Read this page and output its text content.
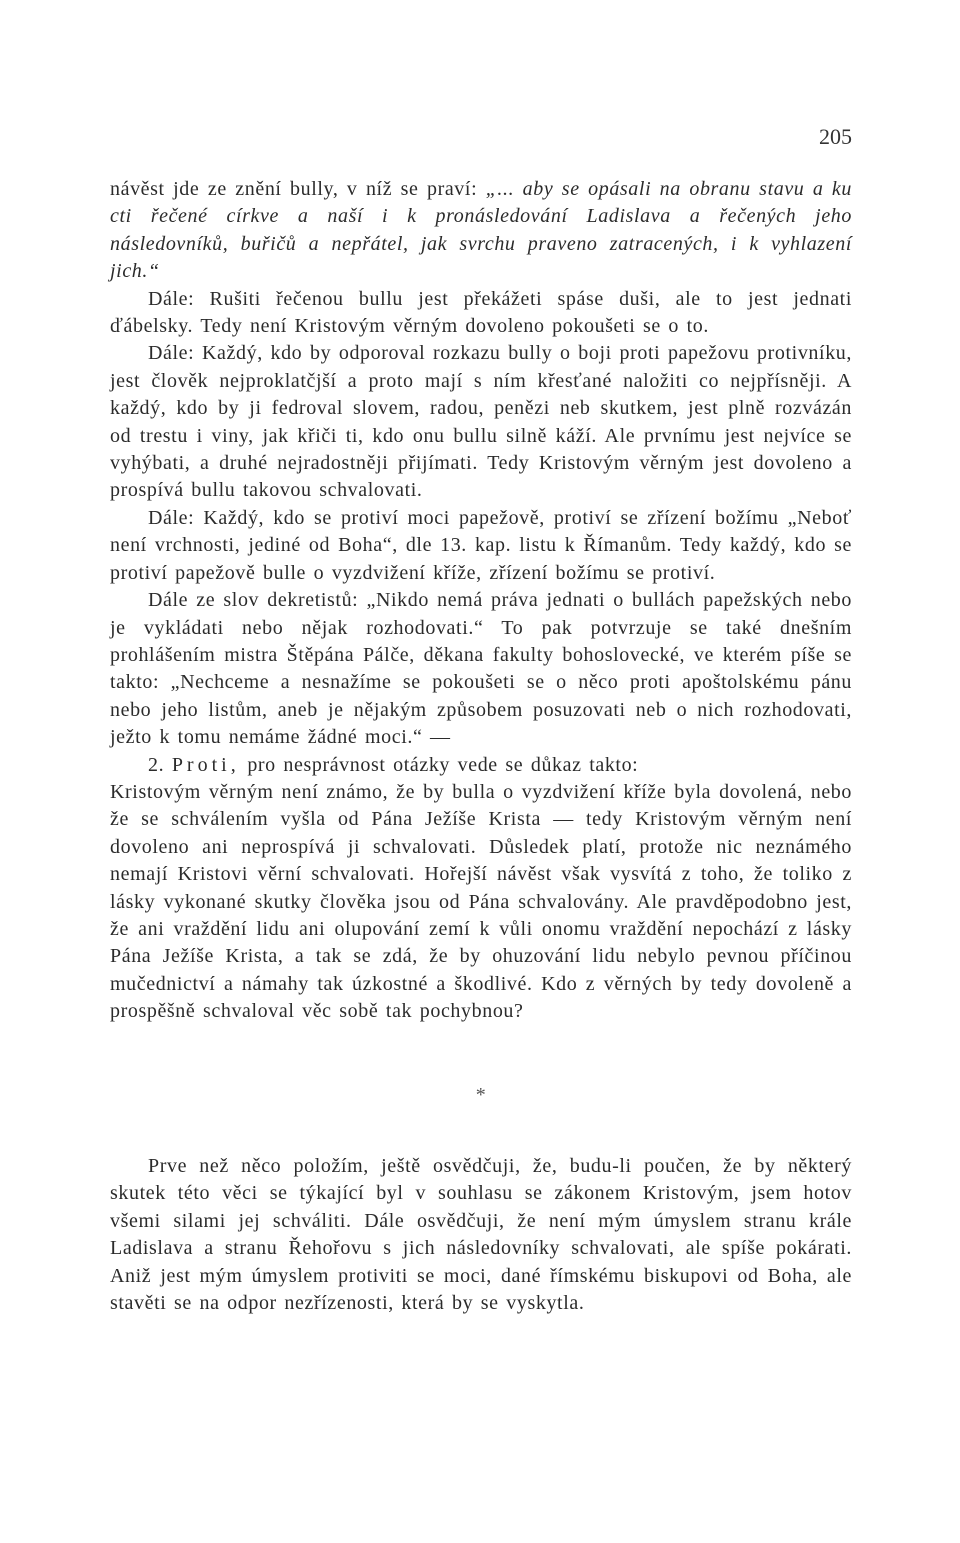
205

návěst jde ze znění bully, v níž se praví: „... aby se opásali na obranu stavu a ku cti řečené církve a naší i k pronásledování Ladislava a řečených jeho následovníků, buřičů a nepřátel, jak svrchu praveno zatracených, i k vyhlazení jich.“

Dále: Rušiti řečenou bullu jest překážeti spáse duši, ale to jest jednati ďábelsky. Tedy není Kristovým věrným dovoleno pokoušeti se o to.

Dále: Každý, kdo by odporoval rozkazu bully o boji proti papežovu protivníku, jest člověk nejproklatčjší a proto mají s ním křesťané naložiti co nejpřísněji. A každý, kdo by ji fedroval slovem, radou, penězi neb skutkem, jest plně rozvázán od trestu i viny, jak křiči ti, kdo onu bullu silně káží. Ale prvnímu jest nejvíce se vyhýbati, a druhé nejradostněji přijímati. Tedy Kristovým věrným jest dovoleno a prospívá bullu takovou schvalovati.

Dále: Každý, kdo se protiví moci papežově, protiví se zřízení božímu „Neboť není vrchnosti, jediné od Boha“, dle 13. kap. listu k Římanům. Tedy každý, kdo se protiví papežově bulle o vyzdvižení kříže, zřízení božímu se protiví.

Dále ze slov dekretistů: „Nikdo nemá práva jednati o bullách papežských nebo je vykládati nebo nějak rozhodovati.“ To pak potvrzuje se také dnešním prohlášením mistra Štěpána Pálče, děkana fakulty bohoslovecké, ve kterém píše se takto: „Nechceme a nesnažíme se pokoušeti se o něco proti apoštolskému pánu nebo jeho listům, aneb je nějakým způsobem posuzovati neb o nich rozhodovati, ježto k tomu nemáme žádné moci.“ —

2. Proti, pro nesprávnost otázky vede se důkaz takto:

Kristovým věrným není známo, že by bulla o vyzdvižení kříže byla dovolená, nebo že se schválením vyšla od Pána Ježíše Krista — tedy Kristovým věrným není dovoleno ani neprospívá ji schvalovati. Důsledek platí, protože nic neznámého nemají Kristovi věrní schvalovati. Hořejší návěst však vysvítá z toho, že toliko z lásky vykonané skutky člověka jsou od Pána schvalovány. Ale pravděpodobno jest, že ani vraždění lidu ani olupování zemí k vůli onomu vraždění nepochází z lásky Pána Ježíše Krista, a tak se zdá, že by ohuzování lidu nebylo pevnou příčinou mučednictví a námahy tak úzkostné a škodlivé. Kdo z věrných by tedy dovoleně a prospěšně schvaloval věc sobě tak pochybnou?

*

Prve než něco položím, ještě osvědčuji, že, budu-li poučen, že by některý skutek této věci se týkající byl v souhlasu se zákonem Kristovým, jsem hotov všemi silami jej schváliti. Dále osvědčuji, že není mým úmyslem stranu krále Ladislava a stranu Řehořovu s jich následovníky schvalovati, ale spíše pokárati. Aniž jest mým úmyslem protiviti se moci, dané římskému biskupovi od Boha, ale stavěti se na odpor nezřízenosti, která by se vyskytla.
